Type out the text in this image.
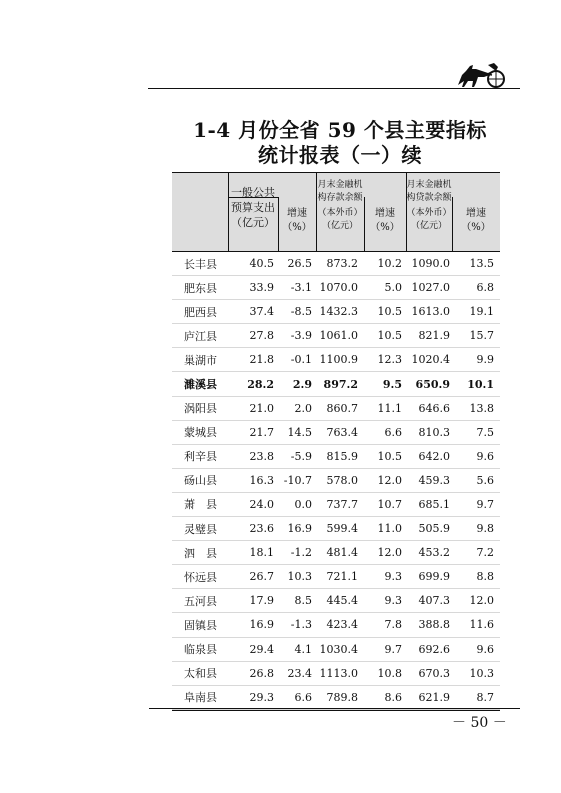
1-4 月份全省 59 个县主要指标
统计报表（一）续
一般公共
预算支出
（亿元）
增速
（%）
月末金融机
构存款余额
（本外币）
（亿元）
增速
（%）
月末金融机
构贷款余额
（本外币）
（亿元）
增速
（%）
长丰县	40.5	26.5	873.2	10.2 1090.0	13.5
肥东县	33.9	-3.1 1070.0	5.0 1027.0	6.8
肥西县	37.4	-8.5 1432.3	10.5 1613.0	19.1
庐江县	27.8	-3.9 1061.0	10.5	821.9	15.7
巢湖市	21.8	-0.1 1100.9	12.3 1020.4	9.9
濉溪县	28.2	2.9	897.2	9.5	650.9	10.1
涡阳县	21.0	2.0	860.7	11.1	646.6	13.8
蒙城县	21.7	14.5	763.4	6.6	810.3	7.5
利辛县	23.8	-5.9	815.9	10.5	642.0	9.6
砀山县	16.3 -10.7	578.0	12.0	459.3	5.6
萧　县	24.0	0.0	737.7	10.7	685.1	9.7
灵璧县	23.6	16.9	599.4	11.0	505.9	9.8
泗　县	18.1	-1.2	481.4	12.0	453.2	7.2
怀远县	26.7	10.3	721.1	9.3	699.9	8.8
五河县	17.9	8.5	445.4	9.3	407.3	12.0
固镇县	16.9	-1.3	423.4	7.8	388.8	11.6
临泉县	29.4	4.1 1030.4	9.7	692.6	9.6
太和县	26.8	23.4 1113.0	10.8	670.3	10.3
阜南县	29.3	6.6	789.8	8.6	621.9	8.7
－ 50 －
